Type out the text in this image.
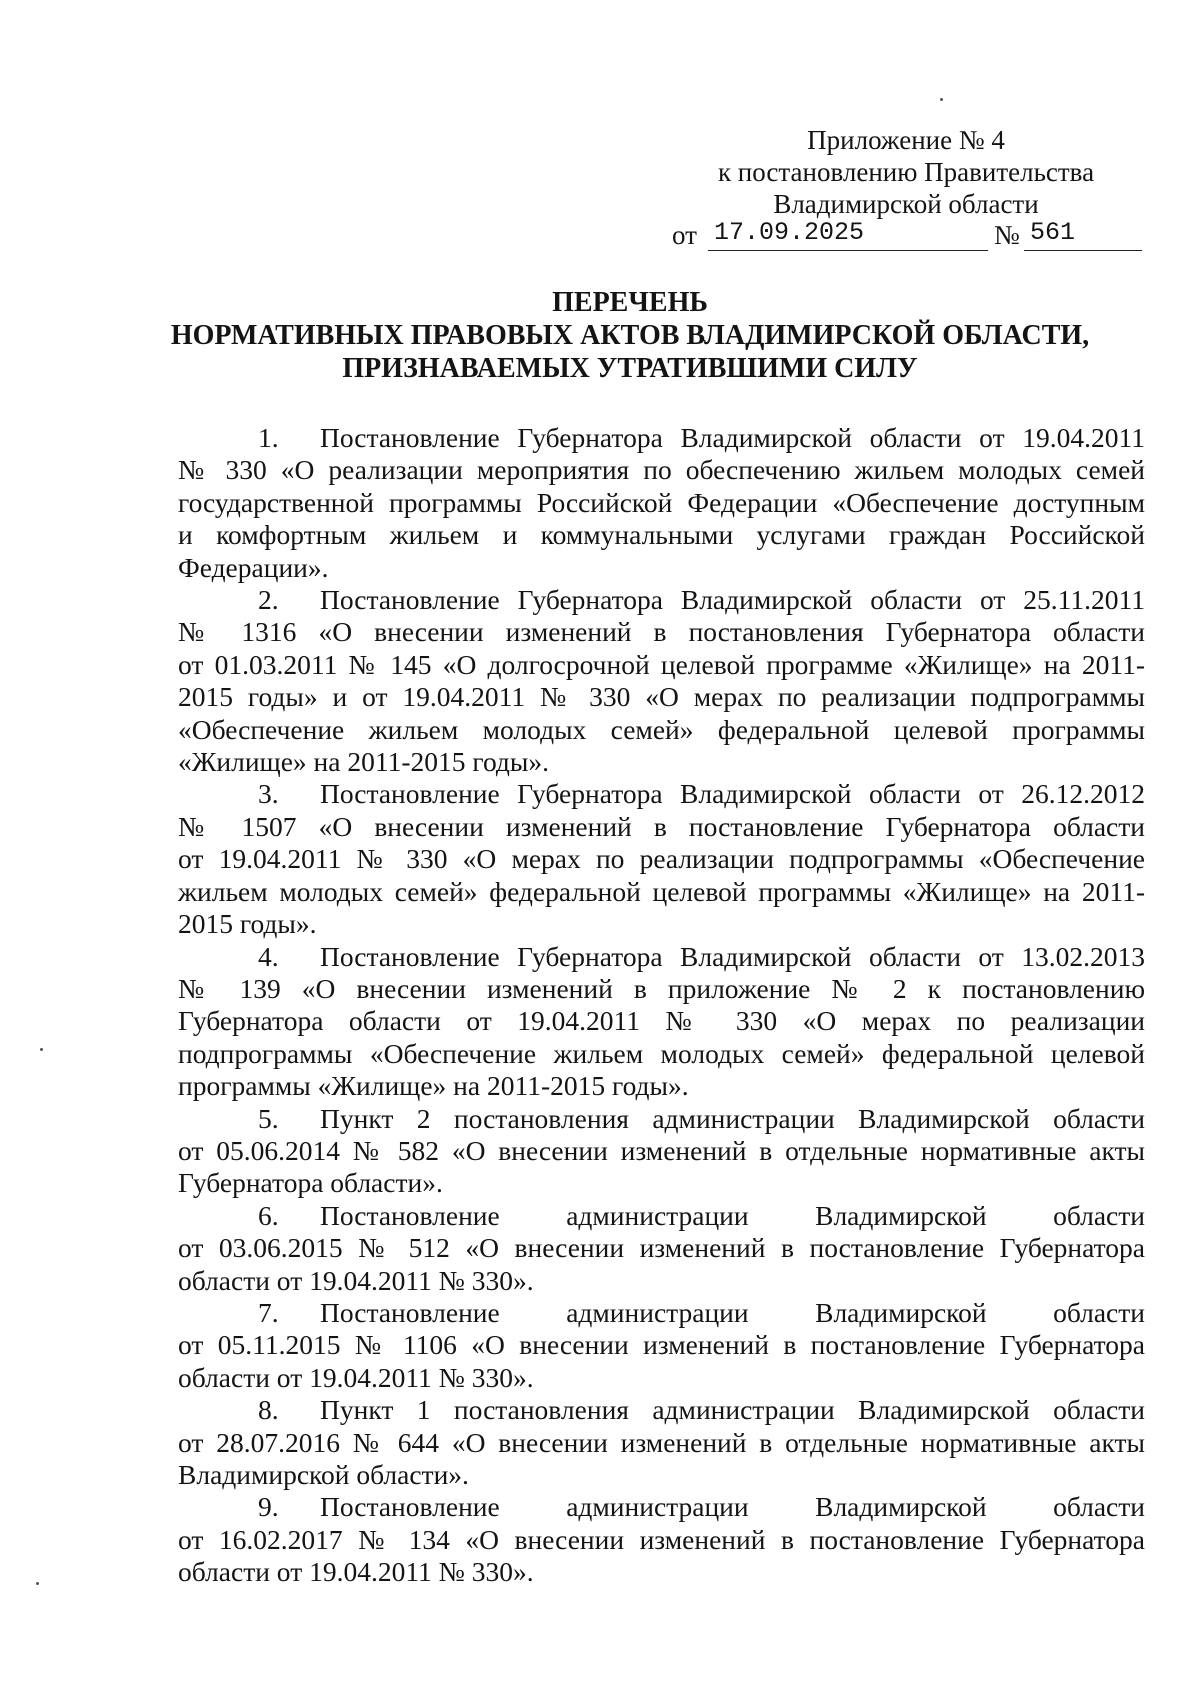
Приложение № 4
к постановлению Правительства
Владимирской области
от 17.09.2025	№ 561
ПЕРЕЧЕНЬ
НОРМАТИВНЫХ ПРАВОВЫХ АКТОВ ВЛАДИМИРСКОЙ ОБЛАСТИ,
ПРИЗНАВАЕМЫХ УТРАТИВШИМИ СИЛУ
1. Постановление Губернатора Владимирской области от 19.04.2011
№ 330 «О реализации мероприятия по обеспечению жильем молодых семей
государственной программы Российской Федерации «Обеспечение доступным
и комфортным жильем и коммунальными услугами граждан Российской
Федерации».
2. Постановление Губернатора Владимирской области от 25.11.2011
№ 1316 «О внесении изменений в постановления Губернатора области
от 01.03.2011 № 145 «О долгосрочной целевой программе «Жилище» на 2011-
2015 годы» и от 19.04.2011 № 330 «О мерах по реализации подпрограммы
«Обеспечение жильем молодых семей» федеральной целевой программы
«Жилище» на 2011-2015 годы».
3. Постановление Губернатора Владимирской области от 26.12.2012
№ 1507 «О внесении изменений в постановление Губернатора области
от 19.04.2011 № 330 «О мерах по реализации подпрограммы «Обеспечение
жильем молодых семей» федеральной целевой программы «Жилище» на 2011-
2015 годы».
4. Постановление Губернатора Владимирской области от 13.02.2013
№ 139 «О внесении изменений в приложение № 2 к постановлению
Губернатора области от 19.04.2011 № 330 «О мерах по реализации
подпрограммы «Обеспечение жильем молодых семей» федеральной целевой
программы «Жилище» на 2011-2015 годы».
5. Пункт 2 постановления администрации Владимирской области
от 05.06.2014 № 582 «О внесении изменений в отдельные нормативные акты
Губернатора области».
6. Постановление администрации Владимирской области
от 03.06.2015 № 512 «О внесении изменений в постановление Губернатора
области от 19.04.2011 № 330».
7. Постановление администрации Владимирской области
от 05.11.2015 № 1106 «О внесении изменений в постановление Губернатора
области от 19.04.2011 № 330».
8. Пункт 1 постановления администрации Владимирской области
от 28.07.2016 № 644 «О внесении изменений в отдельные нормативные акты
Владимирской области».
9. Постановление администрации Владимирской области
от 16.02.2017 № 134 «О внесении изменений в постановление Губернатора
области от 19.04.2011 № 330».
